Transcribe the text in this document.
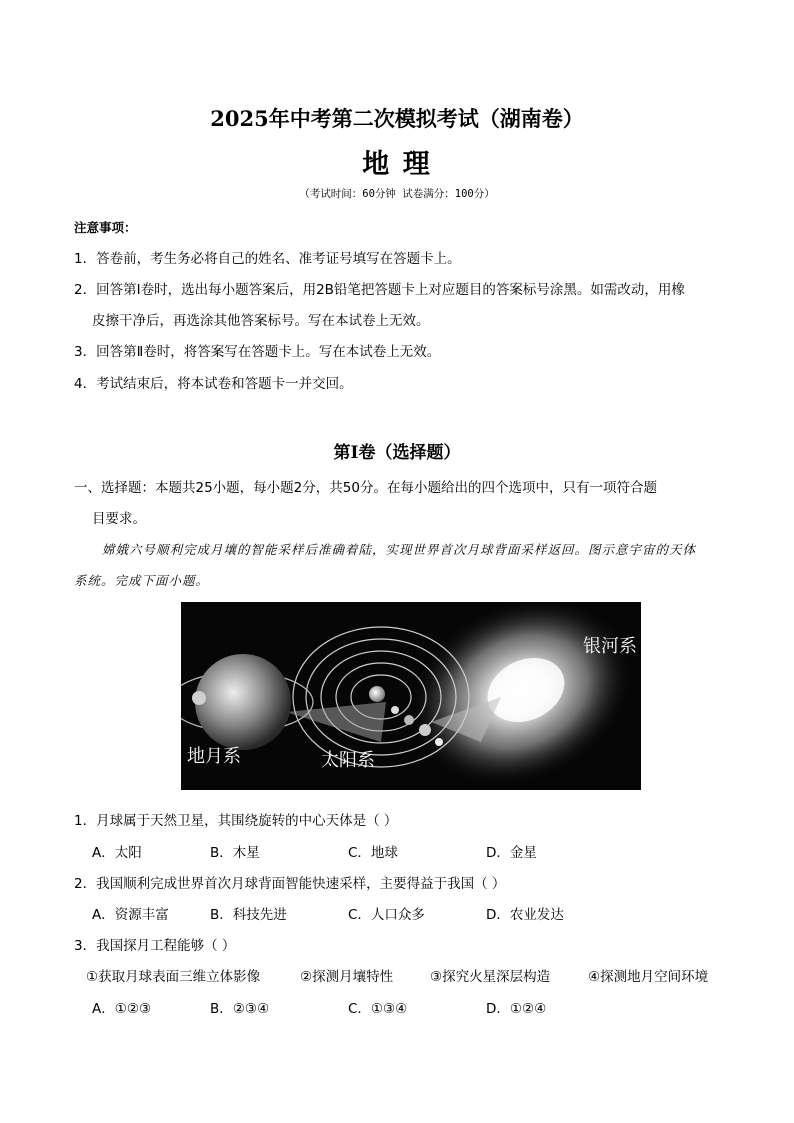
2025年中考第二次模拟考试（湖南卷）
地 理
（考试时间：60分钟 试卷满分：100分）
注意事项：
1．答卷前，考生务必将自己的姓名、准考证号填写在答题卡上。
2．回答第Ⅰ卷时，选出每小题答案后，用2B铅笔把答题卡上对应题目的答案标号涂黑。如需改动，用橡
皮擦干净后，再选涂其他答案标号。写在本试卷上无效。
3．回答第Ⅱ卷时，将答案写在答题卡上。写在本试卷上无效。
4．考试结束后，将本试卷和答题卡一并交回。
第Ⅰ卷（选择题）
一、选择题：本题共25小题，每小题2分，共50分。在每小题给出的四个选项中，只有一项符合题
目要求。
嫦娥六号顺利完成月壤的智能采样后准确着陆，实现世界首次月球背面采样返回。图示意宇宙的天体
系统。完成下面小题。
地月系	太阳系
银河系
1．月球属于天然卫星，其围绕旋转的中心天体是（ ）
A．太阳	B．木星	C．地球	D．金星
2．我国顺利完成世界首次月球背面智能快速采样，主要得益于我国（ ）
A．资源丰富	B．科技先进	C．人口众多	D．农业发达
3．我国探月工程能够（ ）
①获取月球表面三维立体影像	②探测月壤特性	③探究火星深层构造	④探测地月空间环境
A．①②③	B．②③④	C．①③④	D．①②④
